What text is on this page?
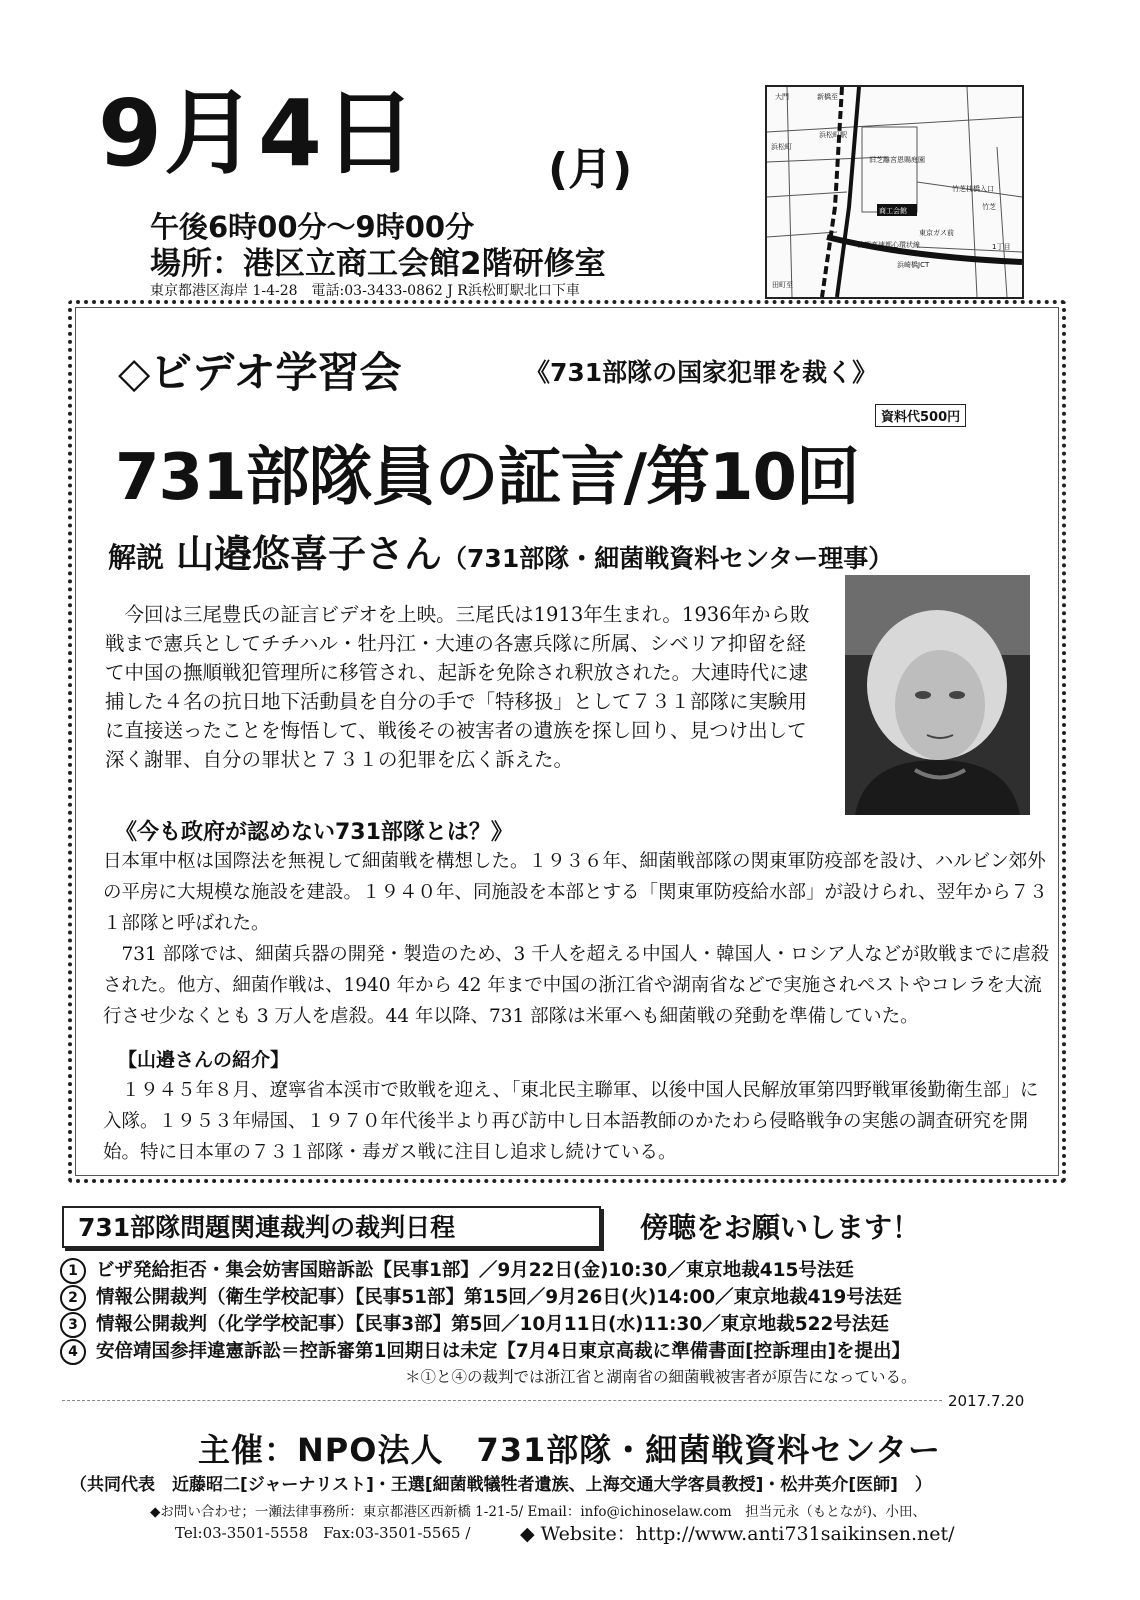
9月4日	(月)
午後6時00分～9時00分
場所：港区立商工会館2階研修室
東京都港区海岸 1-4-28　電話:03-3433-0862 J R浜松町駅北口下車
大門	新橋至
浜松町
浜松町駅
旧芝離宮恩賜庭園
竹芝桟橋入口
竹芝
商工会館
東京ガス前
首都高速都心環状線
浜崎橋JCT
1丁目
田町至
◇ビデオ学習会	《731部隊の国家犯罪を裁く》
資料代500円
731部隊員の証言/第10回
解説 山邉悠喜子さん（731部隊・細菌戦資料センター理事）
　今回は三尾豊氏の証言ビデオを上映。三尾氏は1913年生まれ。1936年から敗戦まで憲兵としてチチハル・牡丹江・大連の各憲兵隊に所属、シベリア抑留を経て中国の撫順戦犯管理所に移管され、起訴を免除され釈放された。大連時代に逮捕した４名の抗日地下活動員を自分の手で「特移扱」として７３１部隊に実験用に直接送ったことを悔悟して、戦後その被害者の遺族を探し回り、見つけ出して深く謝罪、自分の罪状と７３１の犯罪を広く訴えた。
《今も政府が認めない731部隊とは？》
日本軍中枢は国際法を無視して細菌戦を構想した。１９３６年、細菌戦部隊の関東軍防疫部を設け、ハルビン郊外の平房に大規模な施設を建設。１９４０年、同施設を本部とする「関東軍防疫給水部」が設けられ、翌年から７３１部隊と呼ばれた。
　731 部隊では、細菌兵器の開発・製造のため、3 千人を超える中国人・韓国人・ロシア人などが敗戦までに虐殺された。他方、細菌作戦は、1940 年から 42 年まで中国の浙江省や湖南省などで実施されペストやコレラを大流行させ少なくとも 3 万人を虐殺。44 年以降、731 部隊は米軍へも細菌戦の発動を準備していた。
【山邉さんの紹介】
　１９４５年８月、遼寧省本渓市で敗戦を迎え、「東北民主聯軍、以後中国人民解放軍第四野戦軍後勤衛生部」に入隊。１９５３年帰国、１９７０年代後半より再び訪中し日本語教師のかたわら侵略戦争の実態の調査研究を開始。特に日本軍の７３１部隊・毒ガス戦に注目し追求し続けている。
731部隊問題関連裁判の裁判日程	傍聴をお願いします！
1 ビザ発給拒否・集会妨害国賠訴訟【民事1部】／9月22日(金)10:30／東京地裁415号法廷
2 情報公開裁判（衛生学校記事）【民事51部】第15回／9月26日(火)14:00／東京地裁419号法廷
3 情報公開裁判（化学学校記事）【民事3部】第5回／10月11日(水)11:30／東京地裁522号法廷
4 安倍靖国参拝違憲訴訟＝控訴審第1回期日は未定【7月4日東京高裁に準備書面[控訴理由]を提出】
＊①と④の裁判では浙江省と湖南省の細菌戦被害者が原告になっている。
2017.7.20
主催：NPO法人　731部隊・細菌戦資料センター
（共同代表　近藤昭二[ジャーナリスト]・王選[細菌戦犠牲者遺族、上海交通大学客員教授]・松井英介[医師]　）
◆お問い合わせ；一瀬法律事務所：東京都港区西新橋 1-21-5/ Email：info@ichinoselaw.com　担当元永（もとなが)、小田、
Tel:03-3501-5558　Fax:03-3501-5565 /	◆ Website：http://www.anti731saikinsen.net/
